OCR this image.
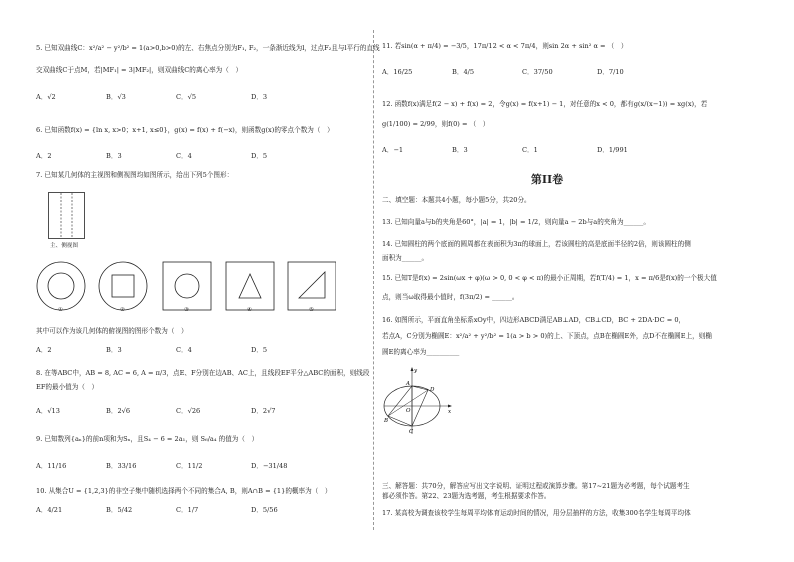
5. 已知双曲线C：x²/a² − y²/b² = 1(a>0,b>0)的左、右焦点分别为F₁, F₂，一条渐近线为l，过点F₂且与l平行的直线
交双曲线C于点M，若|MF₁| = 3|MF₂|，则双曲线C的离心率为（　）
A．√2	B．√3	C．√5	D．3
6. 已知函数f(x) = {ln x, x>0；x+1, x≤0}，g(x) = f(x) + f(−x)，则函数g(x)的零点个数为（　）
A．2	B．3	C．4	D．5
7. 已知某几何体的主视图和侧视图均如图所示，给出下列5个图形：
主、侧视图
①	②	③	④	⑤
其中可以作为该几何体的俯视图的图形个数为（　）
A．2	B．3	C．4	D．5
8. 在等ABC中，AB = 8, AC = 6, A = π/3，点E、F分别在边AB、AC上，且线段EF平分△ABC的面积，则线段
EF的最小值为（　）
A．√13	B．2√6	C．√26	D．2√7
9. 已知数列{aₙ}的前n项和为Sₙ，且S₄ − 6 = 2a₁，则 S₆/a₄ 的值为（　）
A．11/16	B．33/16	C．11/2	D．−31/48
10. 从集合U = {1,2,3}的非空子集中随机选择两个不同的集合A, B，则A∩B = {1}的概率为（　）
A．4/21	B．5/42	C．1/7	D．5/56
11. 若sin(α + π/4) = −3/5，17π/12 < α < 7π/4，则sin 2α + sin² α = （　）
A．16/25	B．4/5	C．37/50	D．7/10
12. 函数f(x)满足f(2 − x) + f(x) = 2，令g(x) = f(x+1) − 1，对任意的x < 0，都有g(x/(x−1)) = xg(x)，若
g(1/100) = 2/99，则f(0) = （　）
A．−1	B．3	C．1	D．1/991
第II卷
二、填空题：本题共4小题，每小题5分，共20分。
13. 已知向量a与b的夹角是60°，|a| = 1，|b| = 1/2，则向量a − 2b与a的夹角为______。
14. 已知圆柱的两个底面的圆周都在表面积为3π的球面上，若该圆柱的高是底面半径的2倍，则该圆柱的侧
面积为______。
15. 已知T是f(x) = 2sin(ωx + φ)(ω > 0, 0 < φ < π)的最小正周期，若f(T/4) = 1，x = π/6是f(x)的一个极大值
点，则当ω取得最小值时，f(3π/2) = ______。
16. 如图所示，平面直角坐标系xOy中，四边形ABCD满足AB⊥AD，CB⊥CD，BC + 2DA·DC = 0，
若点A，C分别为椭圆E：x²/a² + y²/b² = 1(a > b > 0)的上、下顶点，点B在椭圆E外，点D不在椭圆E上，则椭
圆E的离心率为__________
y
x
A
O
B
C
D
三、解答题：共70分，解答应写出文字说明、证明过程或演算步骤。第17~21题为必考题，每个试题考生
都必须作答。第22、23题为选考题，考生根据要求作答。
17. 某高校为调查该校学生每周平均体育运动时间的情况，用分层抽样的方法，收集300名学生每周平均体
